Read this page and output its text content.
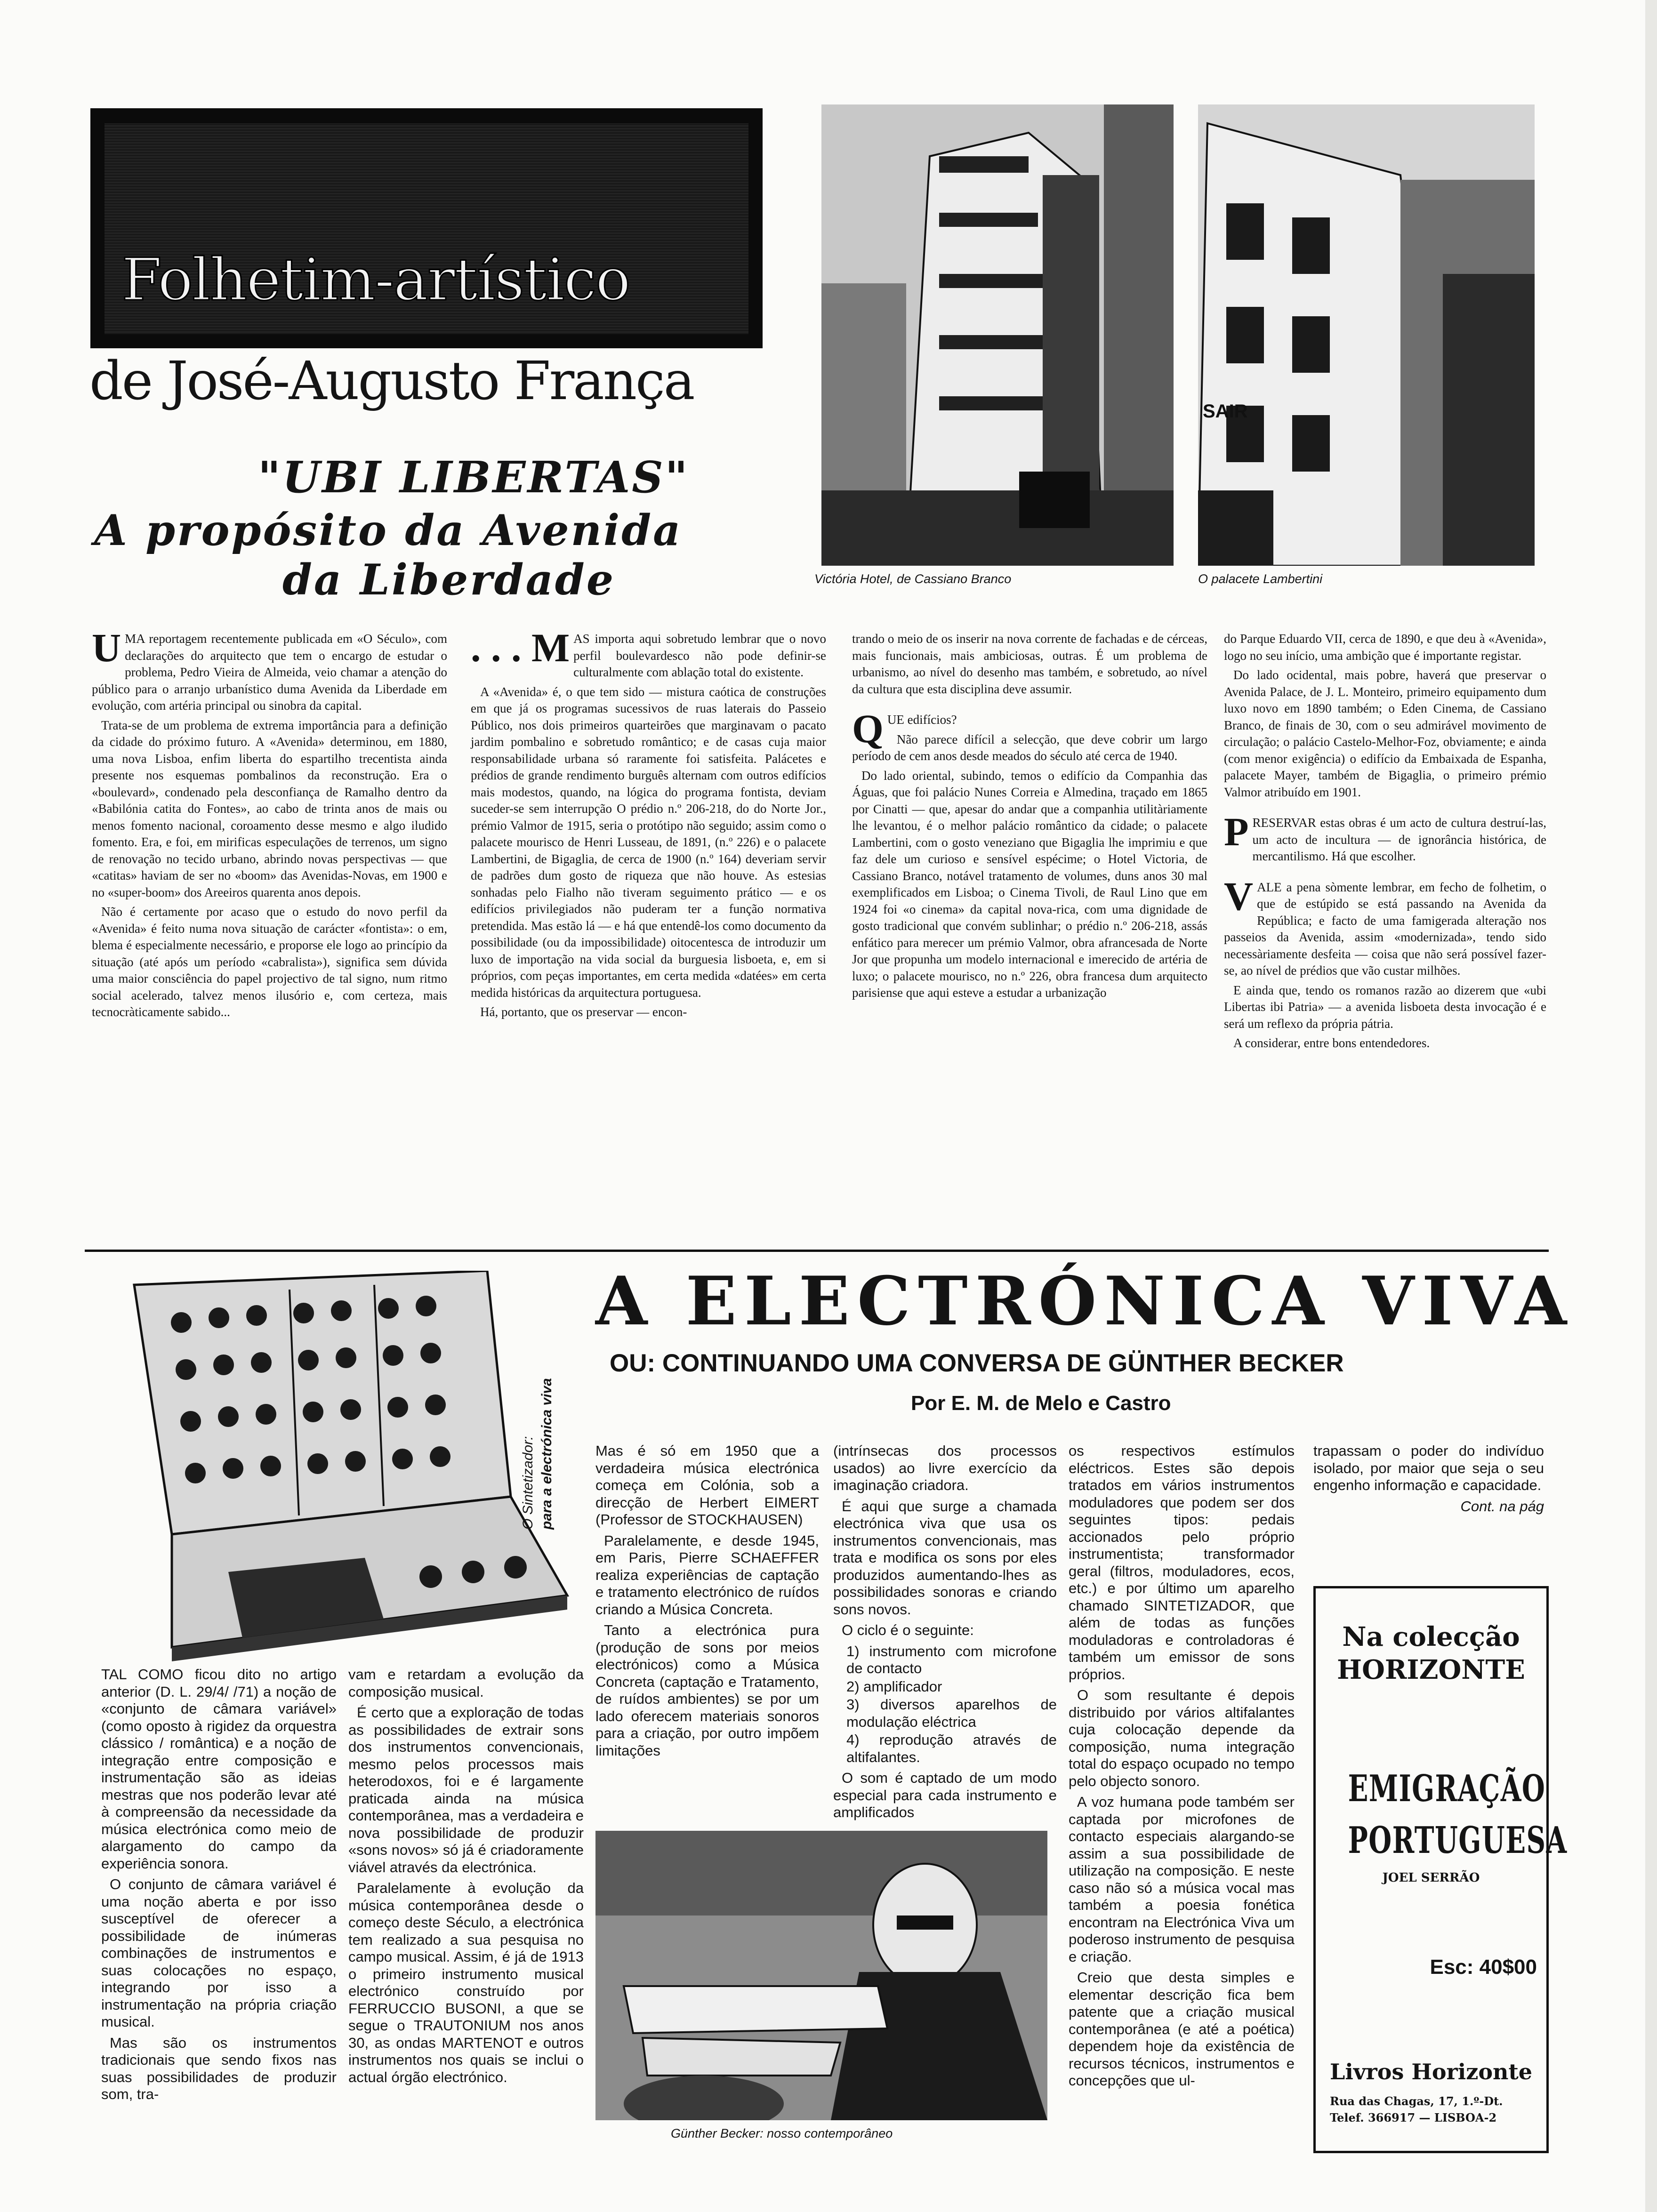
Folhetim-artístico
de José-Augusto França
"UBI LIBERTAS"
A propósito da Avenida
da Liberdade	Victória Hotel, de Cassiano Branco
SAIR
O palacete Lambertini

UMA reportagem recentemente publicada em «O Século», com declarações do arquitecto que tem o encargo de estudar o problema, Pedro Vieira de Almeida, veio chamar a atenção do público para o arranjo urbanístico duma Avenida da Liberdade em evolução, com artéria principal ou sinobra da capital.

Trata-se de um problema de extrema importância para a definição da cidade do próximo futuro. A «Avenida» determinou, em 1880, uma nova Lisboa, enfim liberta do espartilho trecentista ainda presente nos esquemas pombalinos da reconstrução. Era o «boulevard», condenado pela desconfiança de Ramalho dentro da «Babilónia catita do Fontes», ao cabo de trinta anos de mais ou menos fomento nacional, coroamento desse mesmo e algo iludido fomento. Era, e foi, em mirificas especulações de terrenos, um signo de renovação no tecido urbano, abrindo novas perspectivas — que «catitas» haviam de ser no «boom» das Avenidas-Novas, em 1900 e no «super-boom» dos Areeiros quarenta anos depois.

Não é certamente por acaso que o estudo do novo perfil da «Avenida» é feito numa nova situação de carácter «fontista»: o em, blema é especialmente necessário, e proporse ele logo ao princípio da situação (até após um período «cabralista»), significa sem dúvida uma maior consciência do papel projectivo de tal signo, num ritmo social acelerado, talvez menos ilusório e, com certeza, mais tecnocràticamente sabido...

. . . M AS importa aqui sobretudo lembrar que o novo perfil boulevardesco não pode definir-se culturalmente com ablação total do existente.

A «Avenida» é, o que tem sido — mistura caótica de construções em que já os programas sucessivos de ruas laterais do Passeio Público, nos dois primeiros quarteirões que marginavam o pacato jardim pombalino e sobretudo romântico; e de casas cuja maior responsabilidade urbana só raramente foi satisfeita. Palácetes e prédios de grande rendimento burguês alternam com outros edifícios mais modestos, quando, na lógica do programa fontista, deviam suceder-se sem interrupção O prédio n.º 206-218, do do Norte Jor., prémio Valmor de 1915, seria o protótipo não seguido; assim como o palacete mourisco de Henri Lusseau, de 1891, (n.º 226) e o palacete Lambertini, de Bigaglia, de cerca de 1900 (n.º 164) deveriam servir de padrões dum gosto de riqueza que não houve. As estesias sonhadas pelo Fialho não tiveram seguimento prático — e os edifícios privilegiados não puderam ter a função normativa pretendida. Mas estão lá — e há que entendê-los como documento da possibilidade (ou da impossibilidade) oitocentesca de introduzir um luxo de importação na vida social da burguesia lisboeta, e, em si próprios, com peças importantes, em certa medida «datées» em certa medida históricas da arquitectura portuguesa.

Há, portanto, que os preservar — encon-

trando o meio de os inserir na nova corrente de fachadas e de cérceas, mais funcionais, mais ambiciosas, outras. É um problema de urbanismo, ao nível do desenho mas também, e sobretudo, ao nível da cultura que esta disciplina deve assumir.

QUE edifícios?

Não parece difícil a selecção, que deve cobrir um largo período de cem anos desde meados do século até cerca de 1940.

Do lado oriental, subindo, temos o edifício da Companhia das Águas, que foi palácio Nunes Correia e Almedina, traçado em 1865 por Cinatti — que, apesar do andar que a companhia utilitàriamente lhe levantou, é o melhor palácio romântico da cidade; o palacete Lambertini, com o gosto veneziano que Bigaglia lhe imprimiu e que faz dele um curioso e sensível espécime; o Hotel Victoria, de Cassiano Branco, notável tratamento de volumes, duns anos 30 mal exemplificados em Lisboa; o Cinema Tivoli, de Raul Lino que em 1924 foi «o cinema» da capital nova-rica, com uma dignidade de gosto tradicional que convém sublinhar; o prédio n.º 206-218, assás enfático para merecer um prémio Valmor, obra afrancesada de Norte Jor que propunha um modelo internacional e imerecido de artéria de luxo; o palacete mourisco, no n.º 226, obra francesa dum arquitecto parisiense que aqui esteve a estudar a urbanização

do Parque Eduardo VII, cerca de 1890, e que deu à «Avenida», logo no seu início, uma ambição que é importante registar.

Do lado ocidental, mais pobre, haverá que preservar o Avenida Palace, de J. L. Monteiro, primeiro equipamento dum luxo novo em 1890 também; o Eden Cinema, de Cassiano Branco, de finais de 30, com o seu admirável movimento de circulação; o palácio Castelo-Melhor-Foz, obviamente; e ainda (com menor exigência) o edifício da Embaixada de Espanha, palacete Mayer, também de Bigaglia, o primeiro prémio Valmor atribuído em 1901.

PRESERVAR estas obras é um acto de cultura destruí-las, um acto de incultura — de ignorância histórica, de mercantilismo. Há que escolher.

VALE a pena sòmente lembrar, em fecho de folhetim, o que de estúpido se está passando na Avenida da República; e facto de uma famigerada alteração nos passeios da Avenida, assim «modernizada», tendo sido necessàriamente desfeita — coisa que não será possível fazer-se, ao nível de prédios que vão custar milhões.

E ainda que, tendo os romanos razão ao dizerem que «ubi Libertas ibi Patria» — a avenida lisboeta desta invocação é e será um reflexo da própria pátria.

A considerar, entre bons entendedores.

O Sintetizador: para a electrónica viva
A ELECTRÓNICA VIVA
OU: CONTINUANDO UMA CONVERSA DE GÜNTHER BECKER
Por E. M. de Melo e Castro

TAL COMO ficou dito no artigo anterior (D. L. 29/4/ /71) a noção de «conjunto de câmara variável» (como oposto à rigidez da orquestra clássico / romântica) e a noção de integração entre composição e instrumentação são as ideias mestras que nos poderão levar até à compreensão da necessidade da música electrónica como meio de alargamento do campo da experiência sonora.

O conjunto de câmara variável é uma noção aberta e por isso susceptível de oferecer a possibilidade de inúmeras combinações de instrumentos e suas colocações no espaço, integrando por isso a instrumentação na própria criação musical.

Mas são os instrumentos tradicionais que sendo fixos nas suas possibilidades de produzir som, tra-

vam e retardam a evolução da composição musical.

É certo que a exploração de todas as possibilidades de extrair sons dos instrumentos convencionais, mesmo pelos processos mais heterodoxos, foi e é largamente praticada ainda na música contemporânea, mas a verdadeira e nova possibilidade de produzir «sons novos» só já é criadoramente viável através da electrónica.

Paralelamente à evolução da música contemporânea desde o começo deste Século, a electrónica tem realizado a sua pesquisa no campo musical. Assim, é já de 1913 o primeiro instrumento musical electrónico construído por FERRUCCIO BUSONI, a que se segue o TRAUTONIUM nos anos 30, as ondas MARTENOT e outros instrumentos nos quais se inclui o actual órgão electrónico.

Mas é só em 1950 que a verdadeira música electrónica começa em Colónia, sob a direcção de Herbert EIMERT (Professor de STOCKHAUSEN)

Paralelamente, e desde 1945, em Paris, Pierre SCHAEFFER realiza experiências de captação e tratamento electrónico de ruídos criando a Música Concreta.

Tanto a electrónica pura (produção de sons por meios electrónicos) como a Música Concreta (captação e Tratamento, de ruídos ambientes) se por um lado oferecem materiais sonoros para a criação, por outro impõem limitações

(intrínsecas dos processos usados) ao livre exercício da imaginação criadora.

É aqui que surge a chamada electrónica viva que usa os instrumentos convencionais, mas trata e modifica os sons por eles produzidos aumentando-lhes as possibilidades sonoras e criando sons novos.

O ciclo é o seguinte:

1) instrumento com microfone de contacto
2) amplificador
3) diversos aparelhos de modulação eléctrica
4) reprodução através de altifalantes.

O som é captado de um modo especial para cada instrumento e amplificados

Günther Becker: nosso contemporâneo

os respectivos estímulos eléctricos. Estes são depois tratados em vários instrumentos moduladores que podem ser dos seguintes tipos: pedais accionados pelo próprio instrumentista; transformador geral (filtros, moduladores, ecos, etc.) e por último um aparelho chamado SINTETIZADOR, que além de todas as funções moduladoras e controladoras é também um emissor de sons próprios.

O som resultante é depois distribuido por vários altifalantes cuja colocação depende da composição, numa integração total do espaço ocupado no tempo pelo objecto sonoro.

A voz humana pode também ser captada por microfones de contacto especiais alargando-se assim a sua possibilidade de utilização na composição. E neste caso não só a música vocal mas também a poesia fonética encontram na Electrónica Viva um poderoso instrumento de pesquisa e criação.

Creio que desta simples e elementar descrição fica bem patente que a criação musical contemporânea (e até a poética) dependem hoje da existência de recursos técnicos, instrumentos e concepções que ul-

trapassam o poder do indivíduo isolado, por maior que seja o seu engenho informação e capacidade.

Cont. na pág

Na colecção
HORIZONTE
EMIGRAÇÃO
PORTUGUESA
JOEL SERRÃO
Esc: 40$00
Livros Horizonte
Rua das Chagas, 17, 1.º-Dt.
Telef. 366917 — LISBOA-2
